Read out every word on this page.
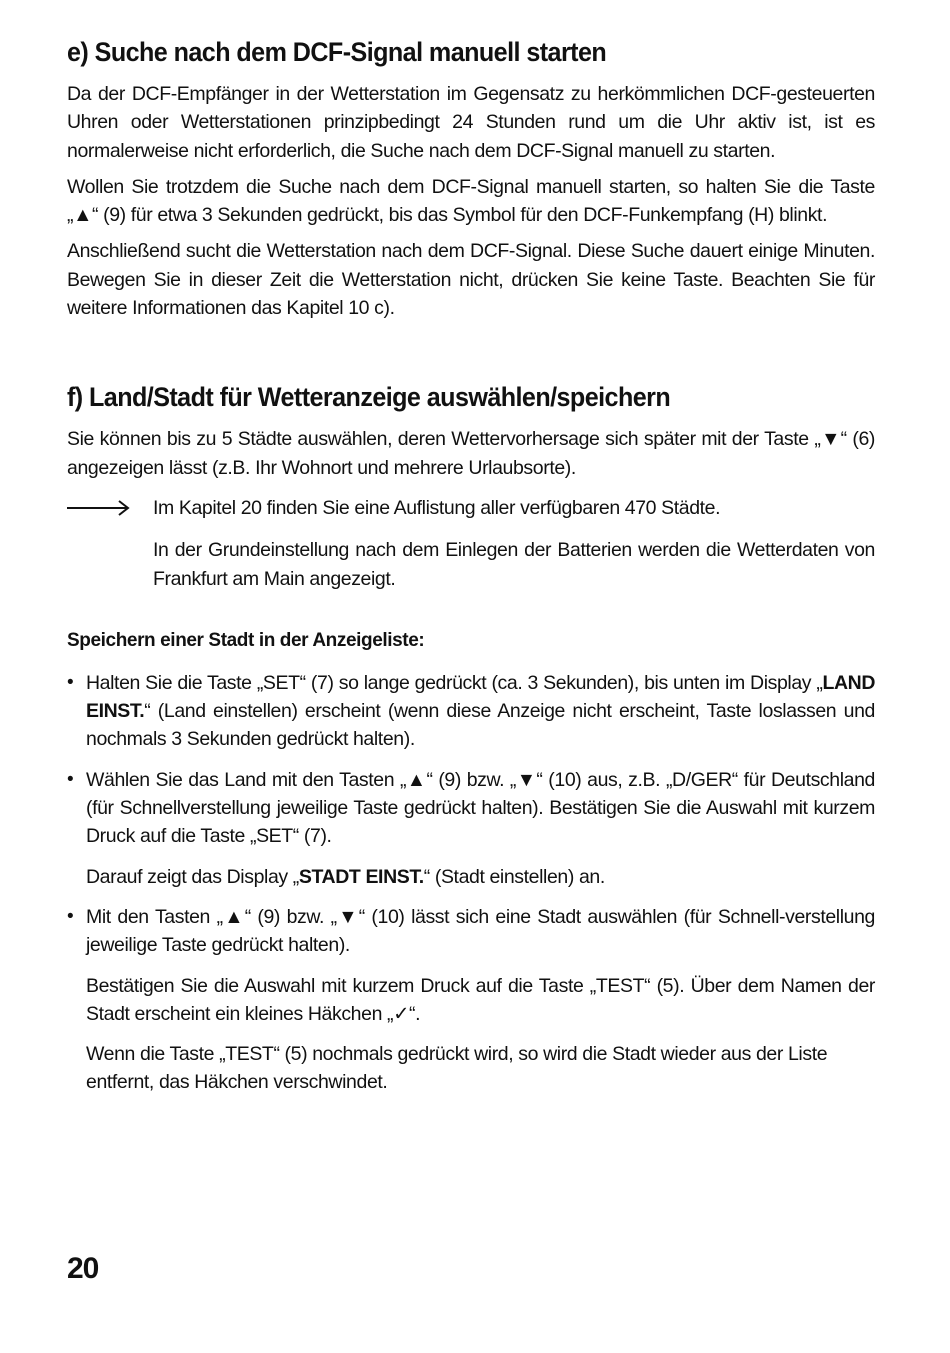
e) Suche nach dem DCF-Signal manuell starten

Da der DCF-Empfänger in der Wetterstation im Gegensatz zu herkömmlichen DCF-gesteuerten Uhren oder Wetterstationen prinzipbedingt 24 Stunden rund um die Uhr aktiv ist, ist es normalerweise nicht erforderlich, die Suche nach dem DCF-Signal manuell zu starten.

Wollen Sie trotzdem die Suche nach dem DCF-Signal manuell starten, so halten Sie die Taste „▲“ (9) für etwa 3 Sekunden gedrückt, bis das Symbol für den DCF-Funkempfang (H) blinkt.

Anschließend sucht die Wetterstation nach dem DCF-Signal. Diese Suche dauert einige Minuten. Bewegen Sie in dieser Zeit die Wetterstation nicht, drücken Sie keine Taste. Beachten Sie für weitere Informationen das Kapitel 10 c).

f) Land/Stadt für Wetteranzeige auswählen/speichern

Sie können bis zu 5 Städte auswählen, deren Wettervorhersage sich später mit der Taste „▼“ (6) angezeigen lässt (z.B. Ihr Wohnort und mehrere Urlaubsorte).

Im Kapitel 20 finden Sie eine Auflistung aller verfügbaren 470 Städte.

In der Grundeinstellung nach dem Einlegen der Batterien werden die Wetterdaten von Frankfurt am Main angezeigt.

Speichern einer Stadt in der Anzeigeliste:
• Halten Sie die Taste „SET“ (7) so lange gedrückt (ca. 3 Sekunden), bis unten im Display „LAND EINST.“ (Land einstellen) erscheint (wenn diese Anzeige nicht erscheint, Taste loslassen und nochmals 3 Sekunden gedrückt halten).

• Wählen Sie das Land mit den Tasten „▲“ (9) bzw. „▼“ (10) aus, z.B. „D/GER“ für Deutschland (für Schnellverstellung jeweilige Taste gedrückt halten). Bestätigen Sie die Auswahl mit kurzem Druck auf die Taste „SET“ (7).

Darauf zeigt das Display „STADT EINST.“ (Stadt einstellen) an.

• Mit den Tasten „▲“ (9) bzw. „▼“ (10) lässt sich eine Stadt auswählen (für Schnell-verstellung jeweilige Taste gedrückt halten).

Bestätigen Sie die Auswahl mit kurzem Druck auf die Taste „TEST“ (5). Über dem Namen der Stadt erscheint ein kleines Häkchen „✓“.

Wenn die Taste „TEST“ (5) nochmals gedrückt wird, so wird die Stadt wieder aus der Liste entfernt, das Häkchen verschwindet.

20
